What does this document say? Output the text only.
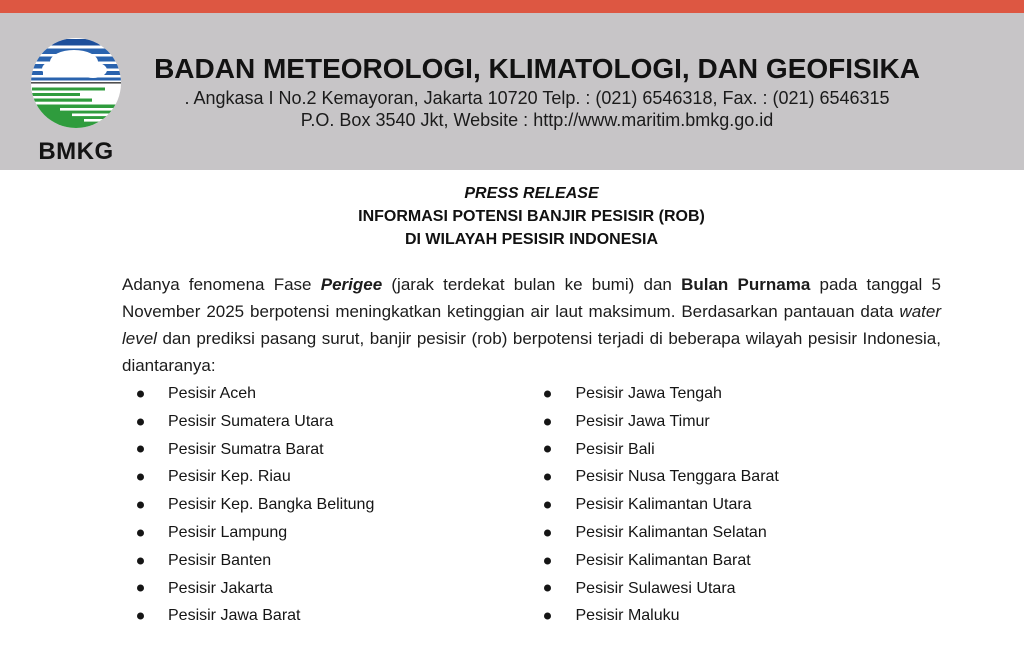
BMKG
BADAN METEOROLOGI, KLIMATOLOGI, DAN GEOFISIKA
. Angkasa I No.2 Kemayoran, Jakarta 10720 Telp. : (021) 6546318, Fax. : (021) 6546315
P.O. Box 3540 Jkt, Website : http://www.maritim.bmkg.go.id
PRESS RELEASE
INFORMASI POTENSI BANJIR PESISIR (ROB)
DI WILAYAH PESISIR INDONESIA
Adanya fenomena Fase Perigee (jarak terdekat bulan ke bumi) dan Bulan Purnama pada tanggal 5
November 2025 berpotensi meningkatkan ketinggian air laut maksimum. Berdasarkan pantauan data water
level dan prediksi pasang surut, banjir pesisir (rob) berpotensi terjadi di beberapa wilayah pesisir Indonesia,
diantaranya:
Pesisir Aceh
Pesisir Sumatera Utara
Pesisir Sumatra Barat
Pesisir Kep. Riau
Pesisir Kep. Bangka Belitung
Pesisir Lampung
Pesisir Banten
Pesisir Jakarta
Pesisir Jawa Barat
Pesisir Jawa Tengah
Pesisir Jawa Timur
Pesisir Bali
Pesisir Nusa Tenggara Barat
Pesisir Kalimantan Utara
Pesisir Kalimantan Selatan
Pesisir Kalimantan Barat
Pesisir Sulawesi Utara
Pesisir Maluku
